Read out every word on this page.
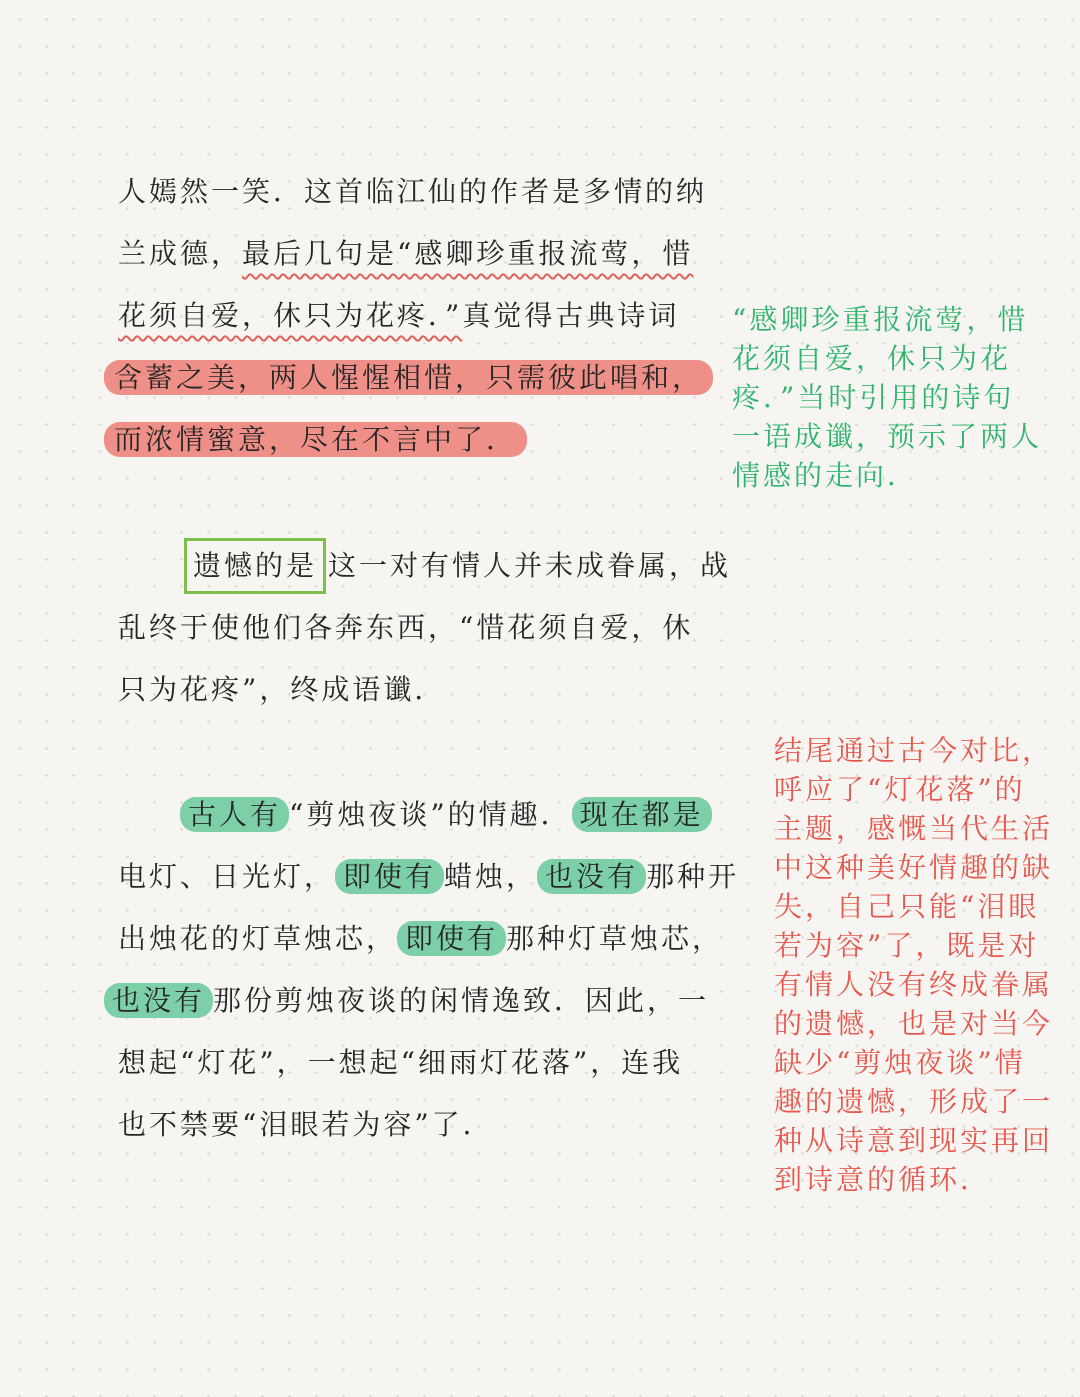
人嫣然一笑．这首临江仙的作者是多情的纳
兰成德，最后几句是“感卿珍重报流莺，惜
花须自爱，休只为花疼．”真觉得古典诗词
含蓄之美，两人惺惺相惜，只需彼此唱和，
而浓情蜜意，尽在不言中了．
遗憾的是 这一对有情人并未成眷属，战
乱终于使他们各奔东西，“惜花须自爱，休
只为花疼”，终成语谶．
古人有 “剪烛夜谈”的情趣． 现在都是
电灯、日光灯， 即使有 蜡烛， 也没有 那种开
出烛花的灯草烛芯， 即使有 那种灯草烛芯，
也没有 那份剪烛夜谈的闲情逸致．因此，一
想起“灯花”，一想起“细雨灯花落”，连我
也不禁要“泪眼若为容”了．
“感卿珍重报流莺，惜
花须自爱，休只为花
疼．”当时引用的诗句
一语成谶，预示了两人
情感的走向．
结尾通过古今对比，
呼应了“灯花落”的
主题，感慨当代生活
中这种美好情趣的缺
失，自己只能“泪眼
若为容”了，既是对
有情人没有终成眷属
的遗憾，也是对当今
缺少“剪烛夜谈”情
趣的遗憾，形成了一
种从诗意到现实再回
到诗意的循环．
